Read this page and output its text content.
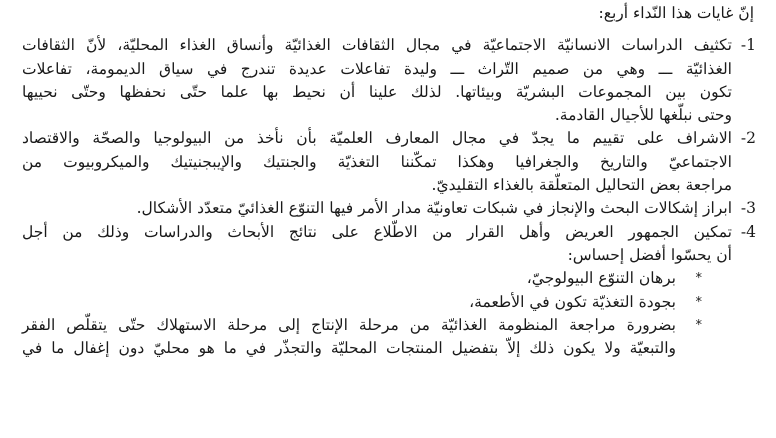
إنّ غايات هذا النّداء أربع:
1-
تكثيف الدراسات الانسانيّة الاجتماعيّة في مجال الثقافات الغذائيّة وأنساق الغذاء المحليّة، لأنّ الثقافات
الغذائيّة ـــ وهي من صميم التّراث ـــ وليدة تفاعلات عديدة تندرج في سياق الديمومة، تفاعلات
تكون بين المجموعات البشريّة وبيئاتها. لذلك علينا أن نحيط بها علما حتّى نحفظها وحتّى نحييها
وحتى نبلّغها للأجيال القادمة.
2-
الاشراف على تقييم ما يجدّ في مجال المعارف العلميّة بأن نأخذ من البيولوجيا والصحّة والاقتصاد
الاجتماعيّ والتاريخ والجغرافيا وهكذا تمكّننا التغذيّة والجنتيك والإيبجنيتيك والميكروبيوت من
مراجعة بعض التحاليل المتعلّقة بالغذاء التقليديّ.
3-
ابراز إشكالات البحث والإنجاز في شبكات تعاونيّة مدار الأمر فيها التنوّع الغذائيّ متعدّد الأشكال.
4-
تمكين الجمهور العريض وأهل القرار من الاطّلاع على نتائج الأبحاث والدراسات وذلك من أجل
أن يحسّوا أفضل إحساس:
*
برهان التنوّع البيولوجيّ،
*
بجودة التغذيّة تكون في الأطعمة،
*
بضرورة مراجعة المنظومة الغذائيّة من مرحلة الإنتاج إلى مرحلة الاستهلاك حتّى يتقلّص الفقر
والتبعيّة ولا يكون ذلك إلاّ بتفضيل المنتجات المحليّة والتجذّر في ما هو محليّ دون إغفال ما في
